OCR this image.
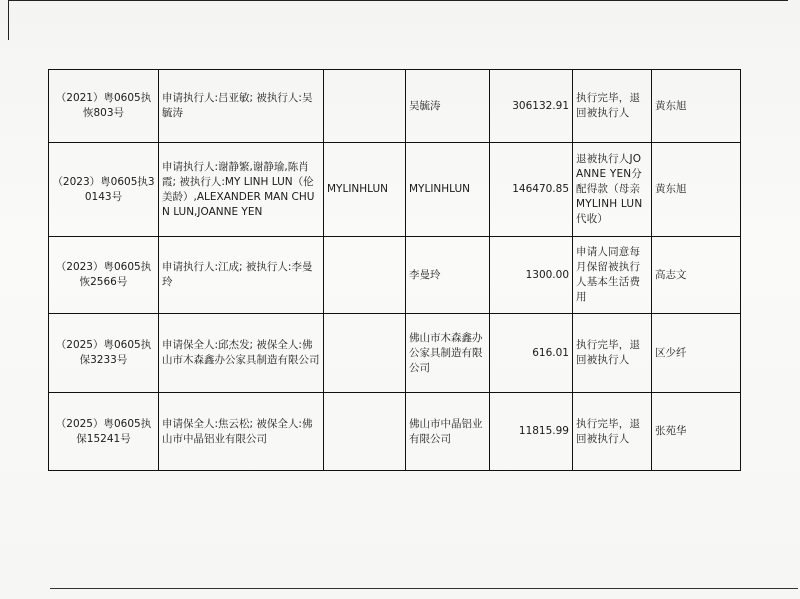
（2021）粤0605执恢803号	申请执行人:吕亚敏; 被执行人:吴毓涛		吴毓涛	306132.91	执行完毕，退回被执行人	黄东旭
（2023）粤0605执30143号	申请执行人:谢静繁,谢静瑜,陈肖霞; 被执行人:MY LINH LUN（伦美龄）,ALEXANDER MAN CHUN LUN,JOANNE YEN	MYLINHLUN	MYLINHLUN	146470.85	退被执行人JOANNE YEN分配得款（母亲MYLINH LUN 代收）	黄东旭
（2023）粤0605执恢2566号	申请执行人:江成; 被执行人:李曼玲		李曼玲	1300.00	申请人同意每月保留被执行人基本生活费用	高志文
（2025）粤0605执保3233号	申请保全人:邱杰发; 被保全人:佛山市木森鑫办公家具制造有限公司		佛山市木森鑫办公家具制造有限公司	616.01	执行完毕，退回被执行人	区少纤
（2025）粤0605执保15241号	申请保全人:焦云松; 被保全人:佛山市中晶铝业有限公司		佛山市中晶铝业有限公司	11815.99	执行完毕，退回被执行人	张苑华
